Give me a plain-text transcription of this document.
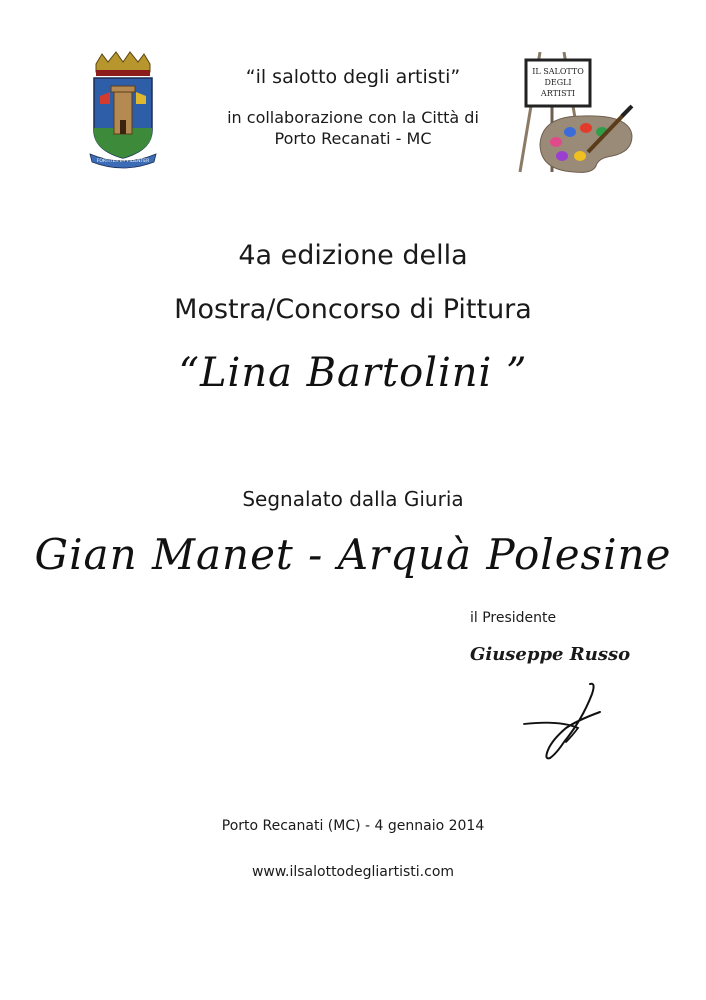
FORTITER ET FIDENTER
IL SALOTTO
DEGLI
ARTISTI
“il salotto degli artisti”
in collaborazione con la Città di
Porto Recanati - MC
4a edizione della
Mostra/Concorso di Pittura
“Lina Bartolini ”
Segnalato dalla Giuria
Gian Manet - Arquà Polesine
il Presidente
Giuseppe Russo
Porto Recanati (MC) - 4 gennaio 2014
www.ilsalottodegliartisti.com
